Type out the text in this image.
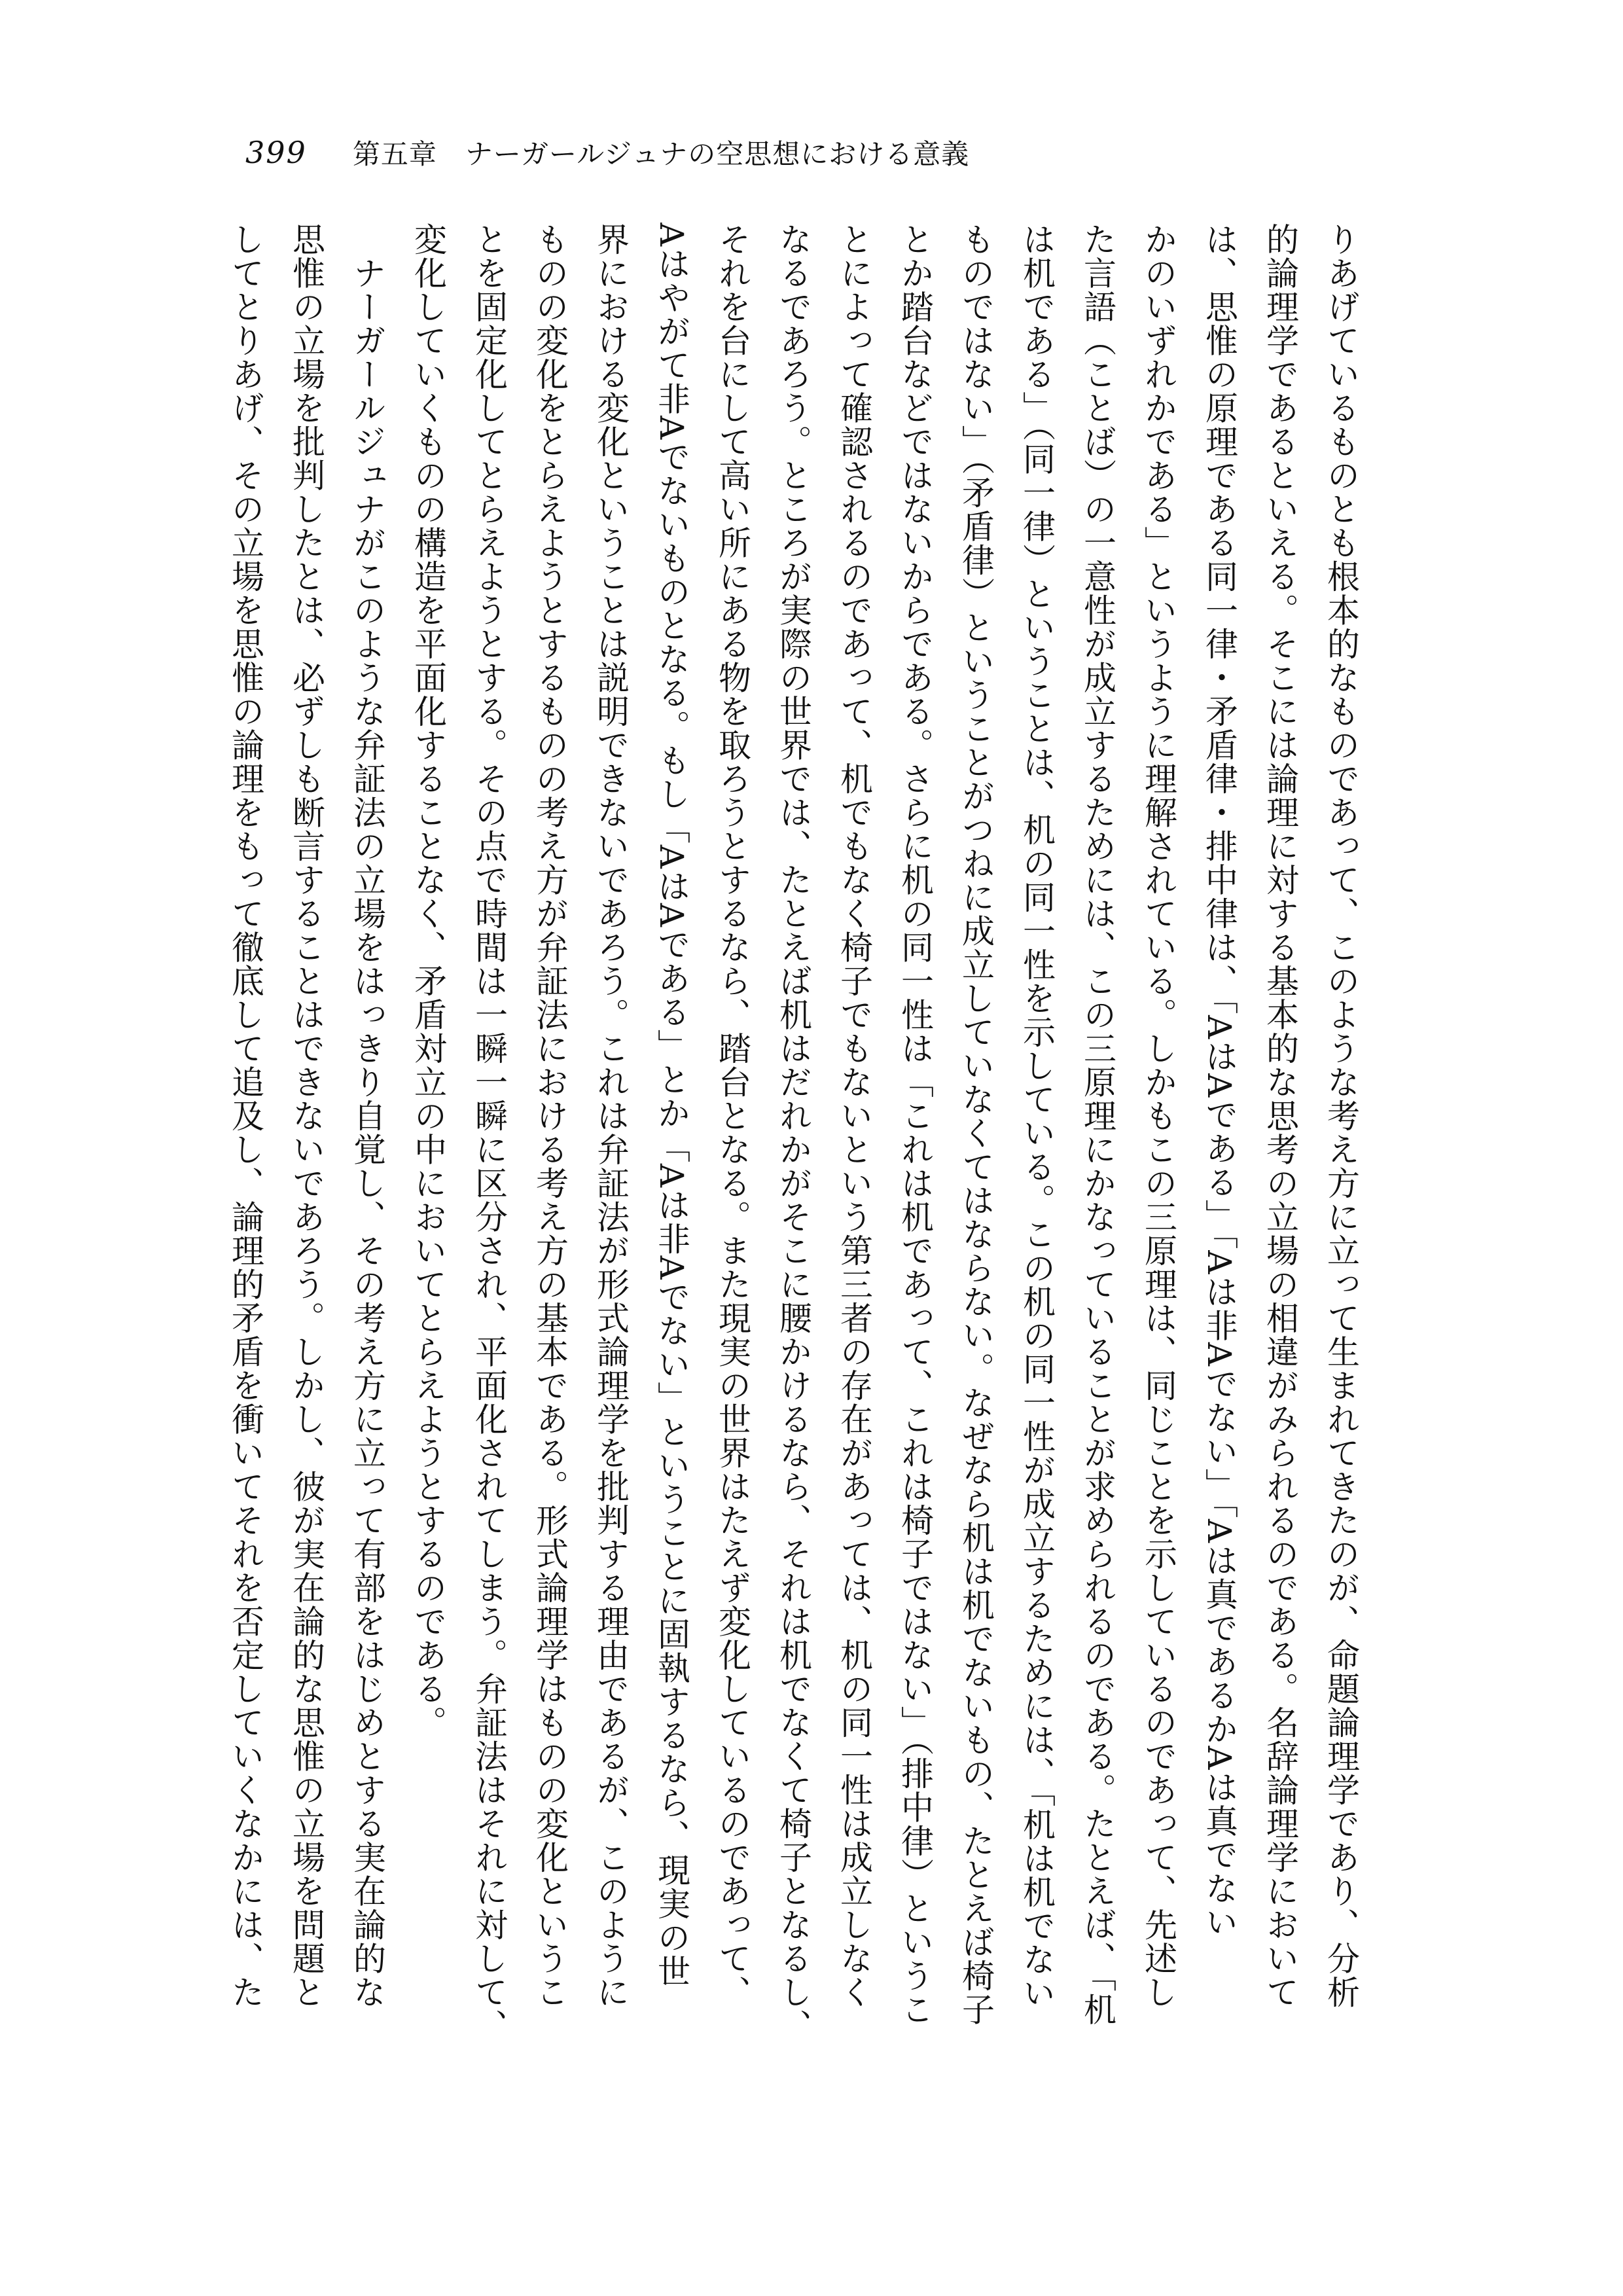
399 第五章　ナーガールジュナの空思想における意義
りあげているものとも根本的なものであって、このような考え方に立って生まれてきたのが、命題論理学であり、分析
的論理学であるといえる。そこには論理に対する基本的な思考の立場の相違がみられるのである。名辞論理学において
は、思惟の原理である同一律・矛盾律・排中律は、「AはAである」「Aは非Aでない」「Aは真であるかAは真でない
かのいずれかである」というように理解されている。しかもこの三原理は、同じことを示しているのであって、先述し
た言語（ことば）の一意性が成立するためには、この三原理にかなっていることが求められるのである。たとえば、「机
は机である」（同一律）ということは、机の同一性を示している。この机の同一性が成立するためには、「机は机でない
ものではない」（矛盾律）ということがつねに成立していなくてはならない。なぜなら机は机でないもの、たとえば椅子
とか踏台などではないからである。さらに机の同一性は「これは机であって、これは椅子ではない」（排中律）というこ
とによって確認されるのであって、机でもなく椅子でもないという第三者の存在があっては、机の同一性は成立しなく
なるであろう。ところが実際の世界では、たとえば机はだれかがそこに腰かけるなら、それは机でなくて椅子となるし、
それを台にして高い所にある物を取ろうとするなら、踏台となる。また現実の世界はたえず変化しているのであって、
Aはやがて非Aでないものとなる。もし「AはAである」とか「Aは非Aでない」ということに固執するなら、現実の世
界における変化ということは説明できないであろう。これは弁証法が形式論理学を批判する理由であるが、このように
ものの変化をとらえようとするものの考え方が弁証法における考え方の基本である。形式論理学はものの変化というこ
とを固定化してとらえようとする。その点で時間は一瞬一瞬に区分され、平面化されてしまう。弁証法はそれに対して、
変化していくものの構造を平面化することなく、矛盾対立の中においてとらえようとするのである。
　ナーガールジュナがこのような弁証法の立場をはっきり自覚し、その考え方に立って有部をはじめとする実在論的な
思惟の立場を批判したとは、必ずしも断言することはできないであろう。しかし、彼が実在論的な思惟の立場を問題と
してとりあげ、その立場を思惟の論理をもって徹底して追及し、論理的矛盾を衝いてそれを否定していくなかには、た
